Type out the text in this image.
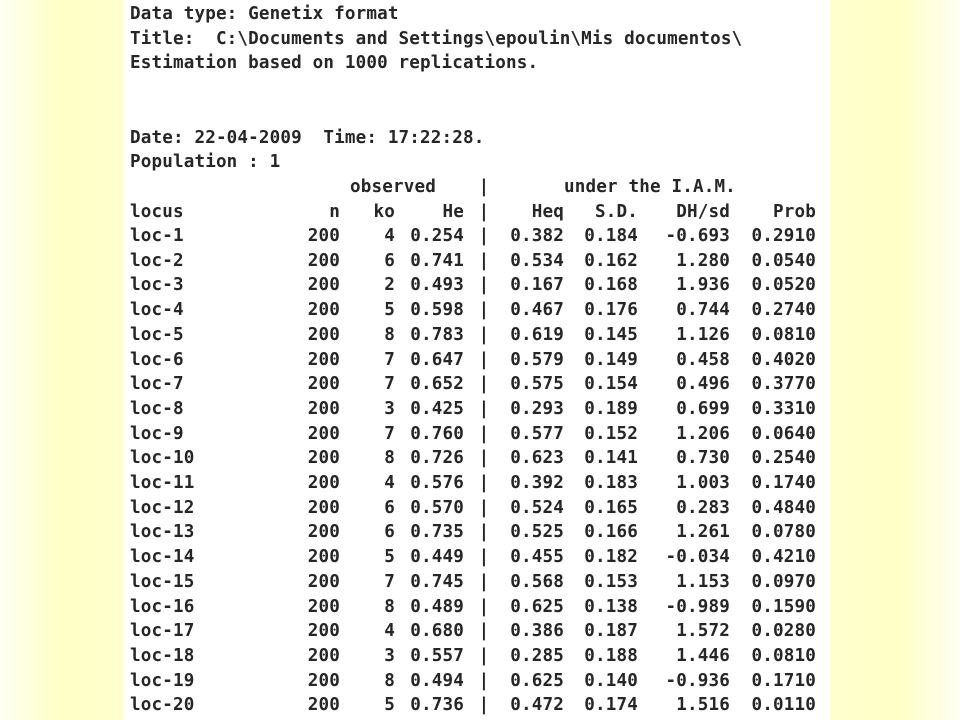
Data type: Genetix format
Title:  C:\Documents and Settings\epoulin\Mis documentos\
Estimation based on 1000 replications.
Date: 22-04-2009  Time: 17:22:28.
Population : 1
observed	|	under the I.A.M.
locus	n	ko	He |	Heq	S.D.	DH/sd	Prob
loc-1	200	4 0.254 |	0.382	0.184	-0.693	0.2910
loc-2	200	6 0.741 |	0.534	0.162	1.280	0.0540
loc-3	200	2 0.493 |	0.167	0.168	1.936	0.0520
loc-4	200	5 0.598 |	0.467	0.176	0.744	0.2740
loc-5	200	8 0.783 |	0.619	0.145	1.126	0.0810
loc-6	200	7 0.647 |	0.579	0.149	0.458	0.4020
loc-7	200	7 0.652 |	0.575	0.154	0.496	0.3770
loc-8	200	3 0.425 |	0.293	0.189	0.699	0.3310
loc-9	200	7 0.760 |	0.577	0.152	1.206	0.0640
loc-10	200	8 0.726 |	0.623	0.141	0.730	0.2540
loc-11	200	4 0.576 |	0.392	0.183	1.003	0.1740
loc-12	200	6 0.570 |	0.524	0.165	0.283	0.4840
loc-13	200	6 0.735 |	0.525	0.166	1.261	0.0780
loc-14	200	5 0.449 |	0.455	0.182	-0.034	0.4210
loc-15	200	7 0.745 |	0.568	0.153	1.153	0.0970
loc-16	200	8 0.489 |	0.625	0.138	-0.989	0.1590
loc-17	200	4 0.680 |	0.386	0.187	1.572	0.0280
loc-18	200	3 0.557 |	0.285	0.188	1.446	0.0810
loc-19	200	8 0.494 |	0.625	0.140	-0.936	0.1710
loc-20	200	5 0.736 |	0.472	0.174	1.516	0.0110
